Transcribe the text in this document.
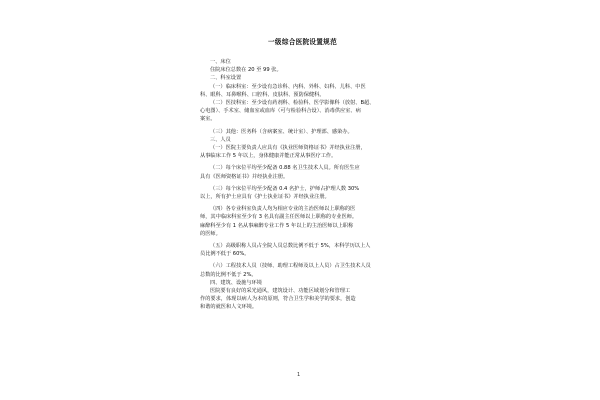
一级综合医院设置规范

一、床位

住院床位总数在 20 至 99 张。

二、科室设置

（一）临床科室：至少设有急诊科、内科、外科、妇科、儿科、中医

科、眼科、耳鼻喉科、口腔科、皮肤科、预防保健科。

（二）医技科室：至少设有药剂科、检验科、医学影像科（放射、B超、

心电图）、手术室、储血室或血库（可与检验科合设）、消毒供应室、病

案室。

（三）其他：医务科（含病案室、统计室）、护理部、感染办。

三、人员

（一）医院主要负责人应具有《执业医师资格证书》并经执业注册，

从事临床工作 5 年以上，身体健康并能正常从事医疗工作。

（二）每个床位平均至少配备 0.88 名卫生技术人员。所有医生应

具有《医师资格证书》并经执业注册。

（三）每个床位平均至少配备 0.4 名护士，护师占护理人数 30%

以上，所有护士应具有《护士执业证书》并经执业注册。

（四）各专业科室负责人均为相应专业的主治医师以上职称的医

师，其中临床科室至少有 3 名具有副主任医师以上职称的专业医师。

麻醉科至少有 1 名从事麻醉专业工作 5 年以上的主治医师以上职称

的医师。

（五）高级职称人员占全院人员总数比例不低于 5%，本科学历以上人

员比例不低于 60%。

（六）工程技术人员（技师、助理工程师及以上人员）占卫生技术人员

总数的比例不低于 2%。

四、建筑、设施与环境

医院要有良好的采光通风，建筑设计、功能区域划分和管理工

作的要求，体现以病人为本的原则，符合卫生学和美学的要求，创造

和谐的就医和人文环境。

1
